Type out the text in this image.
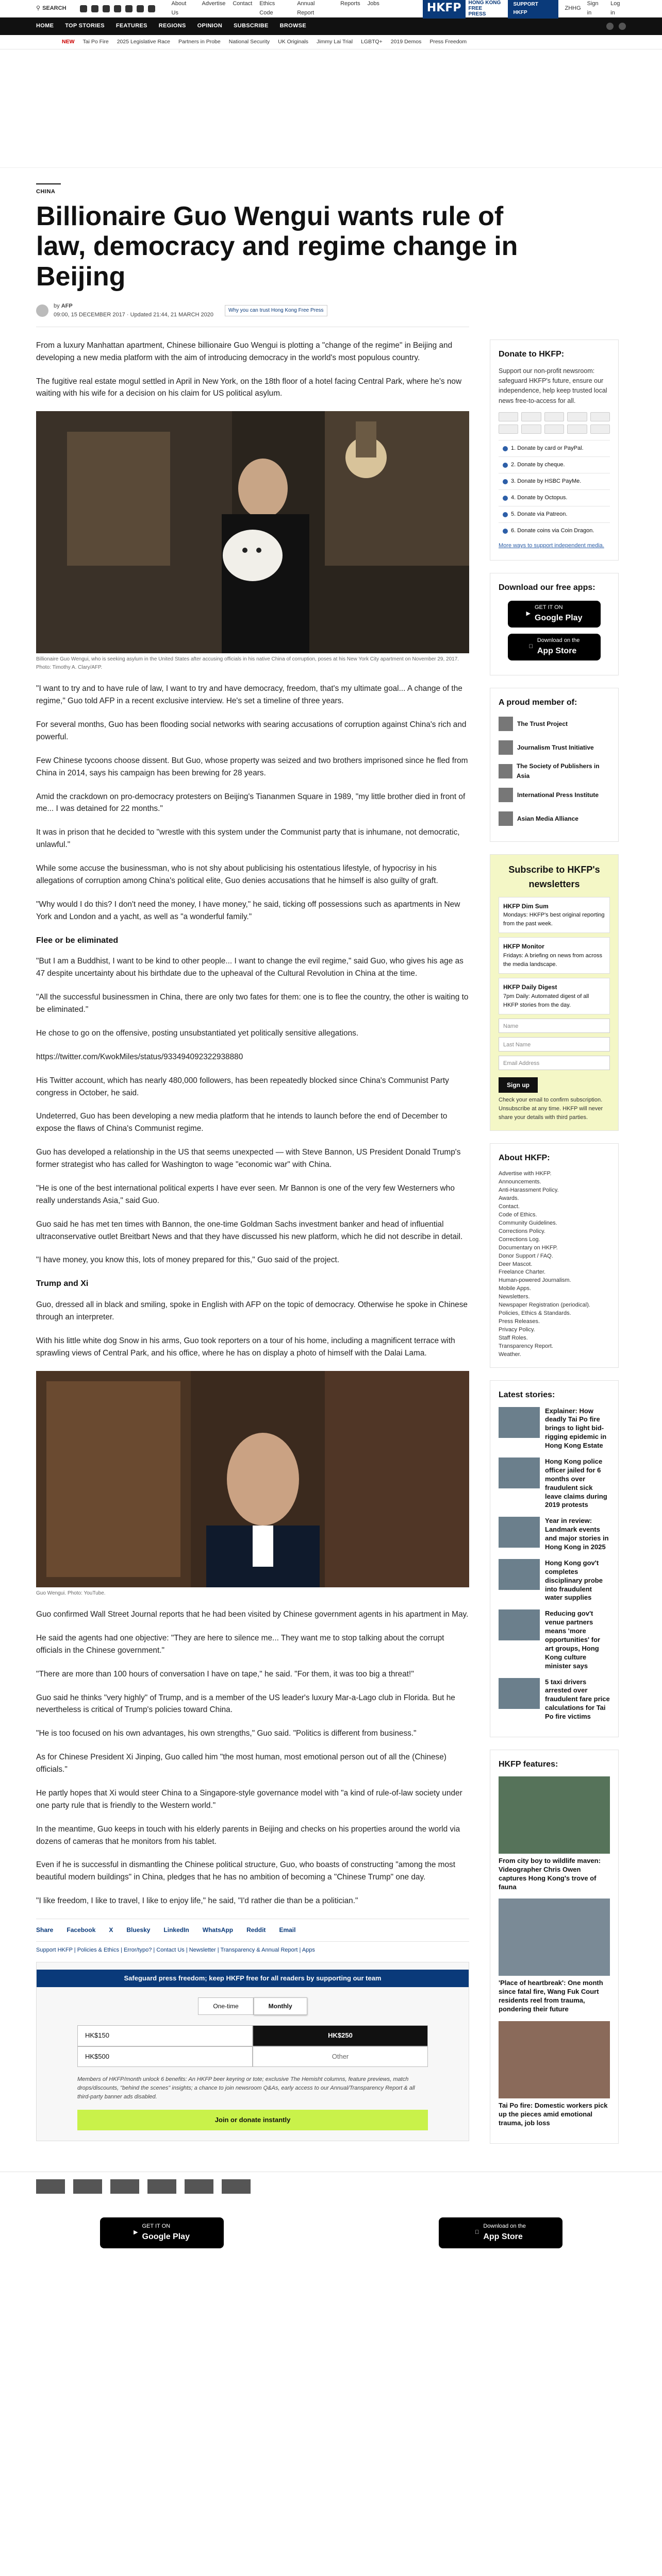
⚲ SEARCH
About Us
Advertise Contact Ethics Code
Annual Report
Reports Jobs	HKFP	HONG KONG
FREE PRESS
SUPPORT HKFP
ZHHG
Sign in
Log in
HOME TOP STORIES FEATURES REGIONS OPINION SUBSCRIBE BROWSE
NEW Tai Po Fire 2025 Legislative Race Partners in Probe National Security UK Originals Jimmy Lai Trial LGBTQ+ 2019 Demos Press Freedom
CHINA
Billionaire Guo Wengui wants rule of law, democracy and regime change in Beijing
by AFP
09:00, 15 DECEMBER 2017 · Updated 21:44, 21 MARCH 2020
Why you can trust Hong Kong Free Press

From a luxury Manhattan apartment, Chinese billionaire Guo Wengui is plotting a "change of the regime" in Beijing and developing a new media platform with the aim of introducing democracy in the world's most populous country.

The fugitive real estate mogul settled in April in New York, on the 18th floor of a hotel facing Central Park, where he's now waiting with his wife for a decision on his claim for US political asylum.

Billionaire Guo Wengui, who is seeking asylum in the United States after accusing officials in his native China of corruption, poses at his New York City apartment on November 29, 2017. Photo: Timothy A. Clary/AFP.

"I want to try and to have rule of law, I want to try and have democracy, freedom, that's my ultimate goal... A change of the regime," Guo told AFP in a recent exclusive interview. He's set a timeline of three years.

For several months, Guo has been flooding social networks with searing accusations of corruption against China's rich and powerful.

Few Chinese tycoons choose dissent. But Guo, whose property was seized and two brothers imprisoned since he fled from China in 2014, says his campaign has been brewing for 28 years.

Amid the crackdown on pro-democracy protesters on Beijing's Tiananmen Square in 1989, "my little brother died in front of me... I was detained for 22 months."

It was in prison that he decided to "wrestle with this system under the Communist party that is inhumane, not democratic, unlawful."

While some accuse the businessman, who is not shy about publicising his ostentatious lifestyle, of hypocrisy in his allegations of corruption among China's political elite, Guo denies accusations that he himself is also guilty of graft.

"Why would I do this? I don't need the money, I have money," he said, ticking off possessions such as apartments in New York and London and a yacht, as well as "a wonderful family."

Flee or be eliminated

"But I am a Buddhist, I want to be kind to other people... I want to change the evil regime," said Guo, who gives his age as 47 despite uncertainty about his birthdate due to the upheaval of the Cultural Revolution in China at the time.

"All the successful businessmen in China, there are only two fates for them: one is to flee the country, the other is waiting to be eliminated."

He chose to go on the offensive, posting unsubstantiated yet politically sensitive allegations.

https://twitter.com/KwokMiles/status/933494092322938880

His Twitter account, which has nearly 480,000 followers, has been repeatedly blocked since China's Communist Party congress in October, he said.

Undeterred, Guo has been developing a new media platform that he intends to launch before the end of December to expose the flaws of China's Communist regime.

Guo has developed a relationship in the US that seems unexpected — with Steve Bannon, US President Donald Trump's former strategist who has called for Washington to wage "economic war" with China.

"He is one of the best international political experts I have ever seen. Mr Bannon is one of the very few Westerners who really understands Asia," said Guo.

Guo said he has met ten times with Bannon, the one-time Goldman Sachs investment banker and head of influential ultraconservative outlet Breitbart News and that they have discussed his new platform, which he did not describe in detail.

"I have money, you know this, lots of money prepared for this," Guo said of the project.

Trump and Xi

Guo, dressed all in black and smiling, spoke in English with AFP on the topic of democracy. Otherwise he spoke in Chinese through an interpreter.

With his little white dog Snow in his arms, Guo took reporters on a tour of his home, including a magnificent terrace with sprawling views of Central Park, and his office, where he has on display a photo of himself with the Dalai Lama.

Guo Wengui. Photo: YouTube.

Guo confirmed Wall Street Journal reports that he had been visited by Chinese government agents in his apartment in May.

He said the agents had one objective: "They are here to silence me... They want me to stop talking about the corrupt officials in the Chinese government."

"There are more than 100 hours of conversation I have on tape," he said. "For them, it was too big a threat!"

Guo said he thinks "very highly" of Trump, and is a member of the US leader's luxury Mar-a-Lago club in Florida. But he nevertheless is critical of Trump's policies toward China.

"He is too focused on his own advantages, his own strengths," Guo said. "Politics is different from business."

As for Chinese President Xi Jinping, Guo called him "the most human, most emotional person out of all the (Chinese) officials."

He partly hopes that Xi would steer China to a Singapore-style governance model with "a kind of rule-of-law society under one party rule that is friendly to the Western world."

In the meantime, Guo keeps in touch with his elderly parents in Beijing and checks on his properties around the world via dozens of cameras that he monitors from his tablet.

Even if he is successful in dismantling the Chinese political structure, Guo, who boasts of constructing "among the most beautiful modern buildings" in China, pledges that he has no ambition of becoming a "Chinese Trump" one day.

"I like freedom, I like to travel, I like to enjoy life," he said, "I'd rather die than be a politician."

Share Facebook X Bluesky LinkedIn WhatsApp Reddit Email
Support HKFP | Policies & Ethics | Error/typo? | Contact Us | Newsletter | Transparency & Annual Report | Apps
Safeguard press freedom; keep HKFP free for all readers by supporting our team
One-time	Monthly
HK$150	HK$250
HK$500	Other
Members of HKFP/month unlock 6 benefits: An HKFP beer keyring or tote; exclusive The Hemisht columns, feature previews, match drops/discounts, "behind the scenes" insights; a chance to join newsroom Q&As, early access to our Annual/Transparency Report & all third-party banner ads disabled.
Join or donate instantly
Donate to HKFP:

Support our non-profit newsroom: safeguard HKFP's future, ensure our independence, help keep trusted local news free-to-access for all.

1. Donate by card or PayPal.
2. Donate by cheque.
3. Donate by HSBC PayMe.
4. Donate by Octopus.
5. Donate via Patreon.
6. Donate coins via Coin Dragon.
More ways to support independent media.
Download our free apps:
▶
GET IT ON
Google Play
Download on the
App Store
A proud member of:
The Trust Project
Journalism Trust Initiative
The Society of Publishers in Asia
International Press Institute
Asian Media Alliance
Subscribe to HKFP's newsletters
HKFP Dim Sum
Mondays: HKFP's best original reporting from the past week.
HKFP Monitor
Fridays: A briefing on news from across the media landscape.
HKFP Daily Digest
7pm Daily: Automated digest of all HKFP stories from the day.
Name
Last Name
Email Address
Sign up

Check your email to confirm subscription. Unsubscribe at any time. HKFP will never share your details with third parties.

About HKFP:
Advertise with HKFP.
Announcements.
Anti-Harassment Policy.
Awards.
Contact.
Code of Ethics.
Community Guidelines.
Corrections Policy.
Corrections Log.
Documentary on HKFP.
Donor Support / FAQ.
Deer Mascot.
Freelance Charter.
Human-powered Journalism.
Mobile Apps.
Newsletters.
Newspaper Registration (periodical).
Policies, Ethics & Standards.
Press Releases.
Privacy Policy.
Staff Roles.
Transparency Report.
Weather.
Latest stories:
Explainer: How deadly Tai Po fire brings to light bid-rigging epidemic in Hong Kong Estate
Hong Kong police officer jailed for 6 months over fraudulent sick leave claims during 2019 protests
Year in review: Landmark events and major stories in Hong Kong in 2025
Hong Kong gov't completes disciplinary probe into fraudulent water supplies
Reducing gov't venue partners means 'more opportunities' for art groups, Hong Kong culture minister says
5 taxi drivers arrested over fraudulent fare price calculations for Tai Po fire victims
HKFP features:
From city boy to wildlife maven: Videographer Chris Owen captures Hong Kong's trove of fauna
'Place of heartbreak': One month since fatal fire, Wang Fuk Court residents reel from trauma, pondering their future
Tai Po fire: Domestic workers pick up the pieces amid emotional trauma, job loss
▶
GET IT ON
Google Play
Download on the
App Store
